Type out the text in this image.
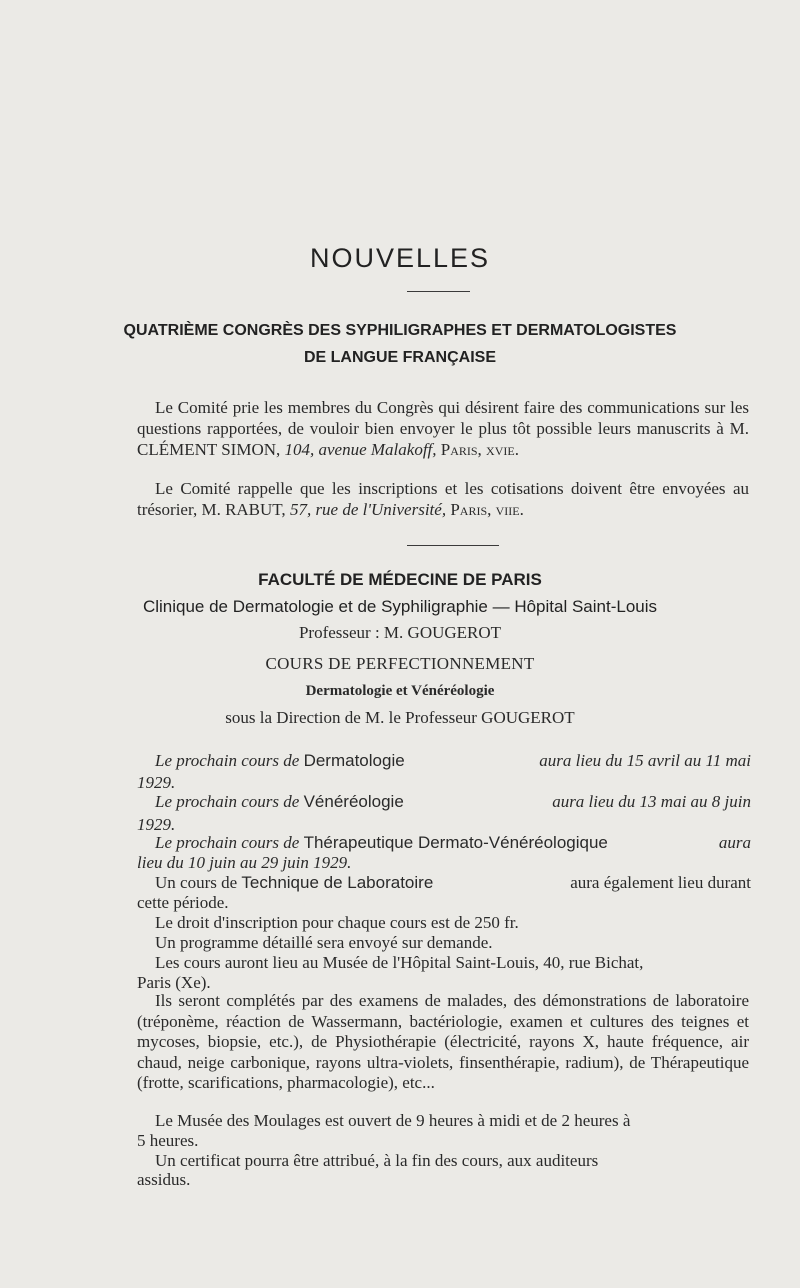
NOUVELLES
QUATRIÈME CONGRÈS DES SYPHILIGRAPHES ET DERMATOLOGISTES
DE LANGUE FRANÇAISE
Le Comité prie les membres du Congrès qui désirent faire des communications sur les questions rapportées, de vouloir bien envoyer le plus tôt possible leurs manuscrits à M. CLÉMENT SIMON, 104, avenue Malakoff, Paris, xvie.
Le Comité rappelle que les inscriptions et les cotisations doivent être envoyées au trésorier, M. RABUT, 57, rue de l'Université, Paris, viie.
FACULTÉ DE MÉDECINE DE PARIS
Clinique de Dermatologie et de Syphiligraphie — Hôpital Saint-Louis
Professeur : M. GOUGEROT
COURS DE PERFECTIONNEMENT
Dermatologie et Vénéréologie
sous la Direction de M. le Professeur GOUGEROT
Le prochain cours de Dermatologie	aura lieu du 15 avril au 11 mai
1929.
Le prochain cours de Vénéréologie	aura lieu du 13 mai au 8 juin
1929.
Le prochain cours de Thérapeutique Dermato-Vénéréologique	aura
lieu du 10 juin au 29 juin 1929.
Un cours de Technique de Laboratoire	aura également lieu durant
cette période.
Le droit d'inscription pour chaque cours est de 250 fr.
Un programme détaillé sera envoyé sur demande.
Les cours auront lieu au Musée de l'Hôpital Saint-Louis, 40, rue Bichat,
Paris (Xe).
Ils seront complétés par des examens de malades, des démonstrations de laboratoire (tréponème, réaction de Wassermann, bactériologie, examen et cultures des teignes et mycoses, biopsie, etc.), de Physiothérapie (électricité, rayons X, haute fréquence, air chaud, neige carbonique, rayons ultra-violets, finsenthérapie, radium), de Thérapeutique (frotte, scarifications, pharmacologie), etc...
Le Musée des Moulages est ouvert de 9 heures à midi et de 2 heures à
5 heures.
Un certificat pourra être attribué, à la fin des cours, aux auditeurs
assidus.
